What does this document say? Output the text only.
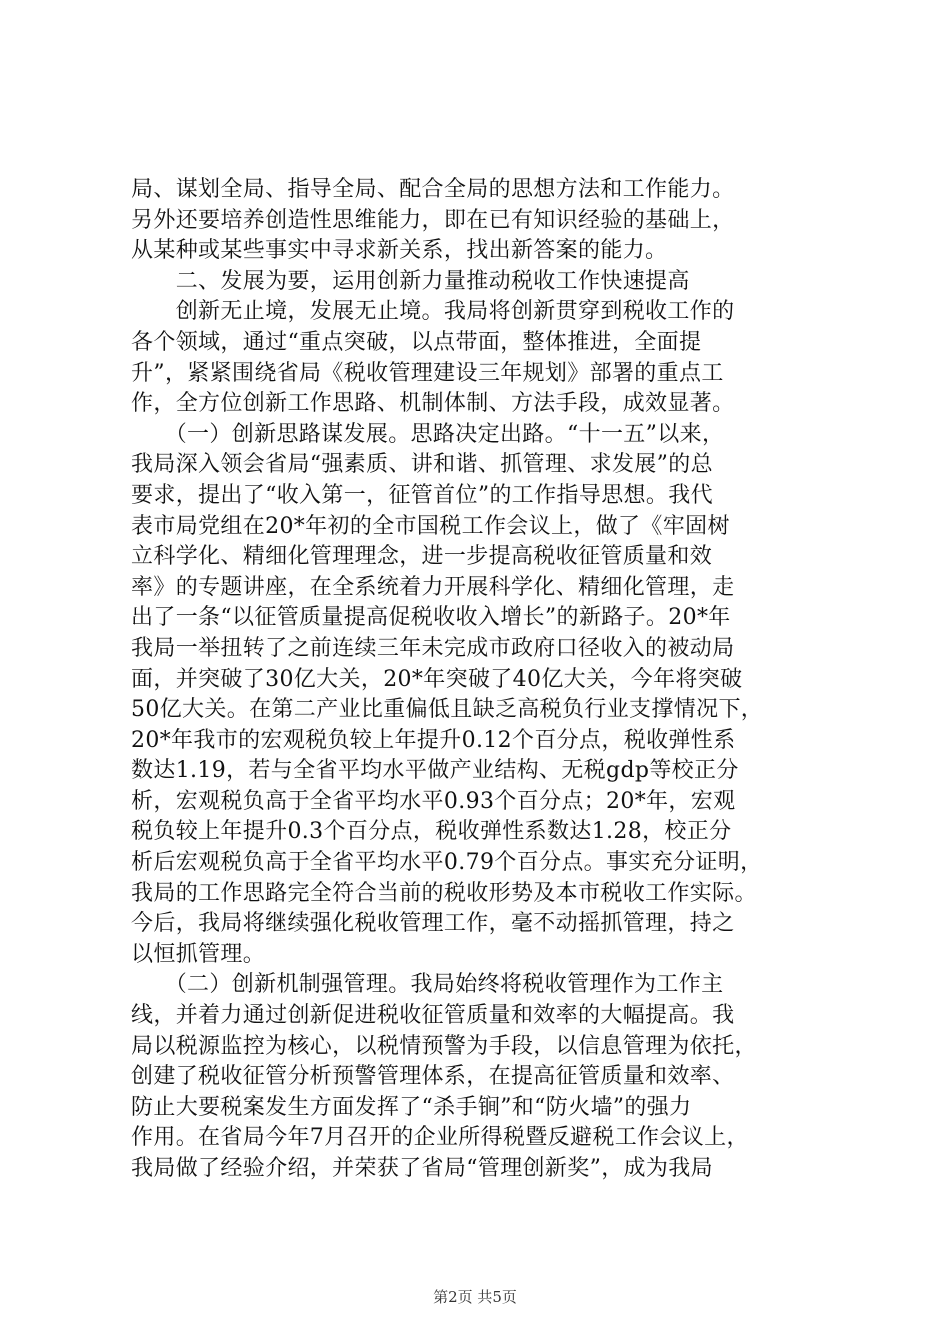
局、谋划全局、指导全局、配合全局的思想方法和工作能力。
另外还要培养创造性思维能力，即在已有知识经验的基础上，
从某种或某些事实中寻求新关系，找出新答案的能力。
　　二、发展为要，运用创新力量推动税收工作快速提高
　　创新无止境，发展无止境。我局将创新贯穿到税收工作的
各个领域，通过“重点突破，以点带面，整体推进，全面提
升”，紧紧围绕省局《税收管理建设三年规划》部署的重点工
作，全方位创新工作思路、机制体制、方法手段，成效显著。
　　（一）创新思路谋发展。思路决定出路。“十一五”以来，
我局深入领会省局“强素质、讲和谐、抓管理、求发展”的总
要求，提出了“收入第一，征管首位”的工作指导思想。我代
表市局党组在20*年初的全市国税工作会议上，做了《牢固树
立科学化、精细化管理理念，进一步提高税收征管质量和效
率》的专题讲座，在全系统着力开展科学化、精细化管理，走
出了一条“以征管质量提高促税收收入增长”的新路子。20*年
我局一举扭转了之前连续三年未完成市政府口径收入的被动局
面，并突破了30亿大关，20*年突破了40亿大关，今年将突破
50亿大关。在第二产业比重偏低且缺乏高税负行业支撑情况下，
20*年我市的宏观税负较上年提升0.12个百分点，税收弹性系
数达1.19，若与全省平均水平做产业结构、无税gdp等校正分
析，宏观税负高于全省平均水平0.93个百分点；20*年，宏观
税负较上年提升0.3个百分点，税收弹性系数达1.28，校正分
析后宏观税负高于全省平均水平0.79个百分点。事实充分证明，
我局的工作思路完全符合当前的税收形势及本市税收工作实际。
今后，我局将继续强化税收管理工作，毫不动摇抓管理，持之
以恒抓管理。
　　（二）创新机制强管理。我局始终将税收管理作为工作主
线，并着力通过创新促进税收征管质量和效率的大幅提高。我
局以税源监控为核心，以税情预警为手段，以信息管理为依托，
创建了税收征管分析预警管理体系，在提高征管质量和效率、
防止大要税案发生方面发挥了“杀手锏”和“防火墙”的强力
作用。在省局今年7月召开的企业所得税暨反避税工作会议上，
我局做了经验介绍，并荣获了省局“管理创新奖”，成为我局
第2页 共5页
